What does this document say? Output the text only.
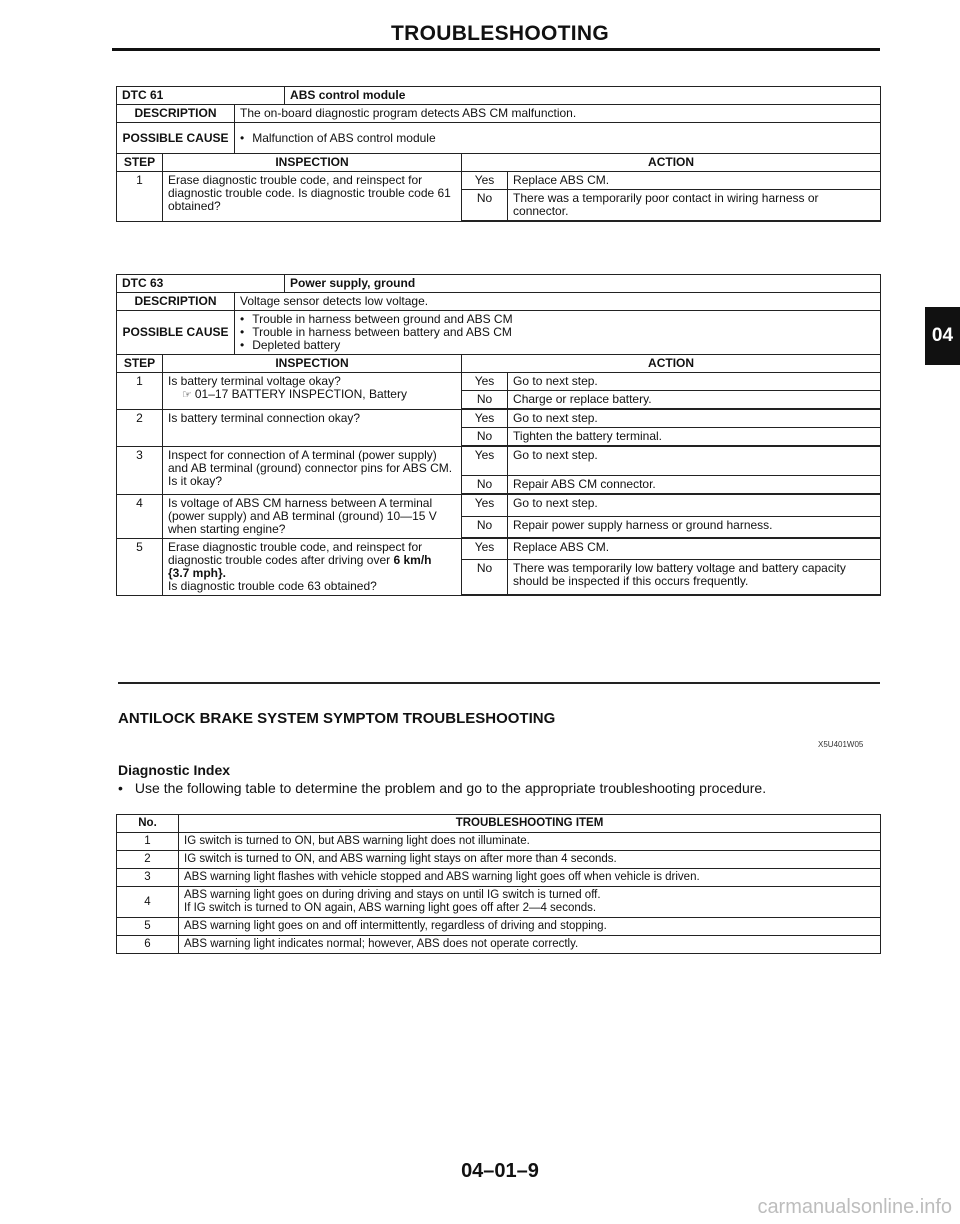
TROUBLESHOOTING
DTC 61			ABS control module		
DESCRIPTION		The on-board diagnostic program detects ABS CM malfunction.			
POSSIBLE CAUSE		• Malfunction of ABS control module
STEP	INSPECTION			ACTION	
1	Erase diagnostic trouble code, and reinspect for diagnostic trouble code. Is diagnostic trouble code 61 obtained?			Yes	Replace ABS CM.
				No	There was a temporarily poor contact in wiring harness or connector.
DTC 63			Power supply, ground		
DESCRIPTION		Voltage sensor detects low voltage.			
POSSIBLE CAUSE		• Trouble in harness between ground and ABS CM
• Trouble in harness between battery and ABS CM
• Depleted battery

STEP	INSPECTION			ACTION	
1	Is battery terminal voltage okay?
☞ 01–17 BATTERY INSPECTION, Battery			Yes	Go to next step.
				No	Charge or replace battery.
2	Is battery terminal connection okay?			Yes	Go to next step.
				No	Tighten the battery terminal.
3	Inspect for connection of A terminal (power supply) and AB terminal (ground) connector pins for ABS CM.
Is it okay?			Yes	Go to next step.
				No	Repair ABS CM connector.
4	Is voltage of ABS CM harness between A terminal (power supply) and AB terminal (ground) 10—15 V when starting engine?			Yes	Go to next step.
				No	Repair power supply harness or ground harness.
5	Erase diagnostic trouble code, and reinspect for diagnostic trouble codes after driving over 6 km/h {3.7 mph}.
Is diagnostic trouble code 63 obtained?			Yes	Replace ABS CM.
				No	There was temporarily low battery voltage and battery capacity should be inspected if this occurs frequently.
04
ANTILOCK BRAKE SYSTEM SYMPTOM TROUBLESHOOTING
X5U401W05
Diagnostic Index
• Use the following table to determine the problem and go to the appropriate troubleshooting procedure.
No.	TROUBLESHOOTING ITEM
1	IG switch is turned to ON, but ABS warning light does not illuminate.
2	IG switch is turned to ON, and ABS warning light stays on after more than 4 seconds.
3	ABS warning light flashes with vehicle stopped and ABS warning light goes off when vehicle is driven.
4	ABS warning light goes on during driving and stays on until IG switch is turned off.
If IG switch is turned to ON again, ABS warning light goes off after 2—4 seconds.

5	ABS warning light goes on and off intermittently, regardless of driving and stopping.
6	ABS warning light indicates normal; however, ABS does not operate correctly.
04–01–9
carmanualsonline.info
